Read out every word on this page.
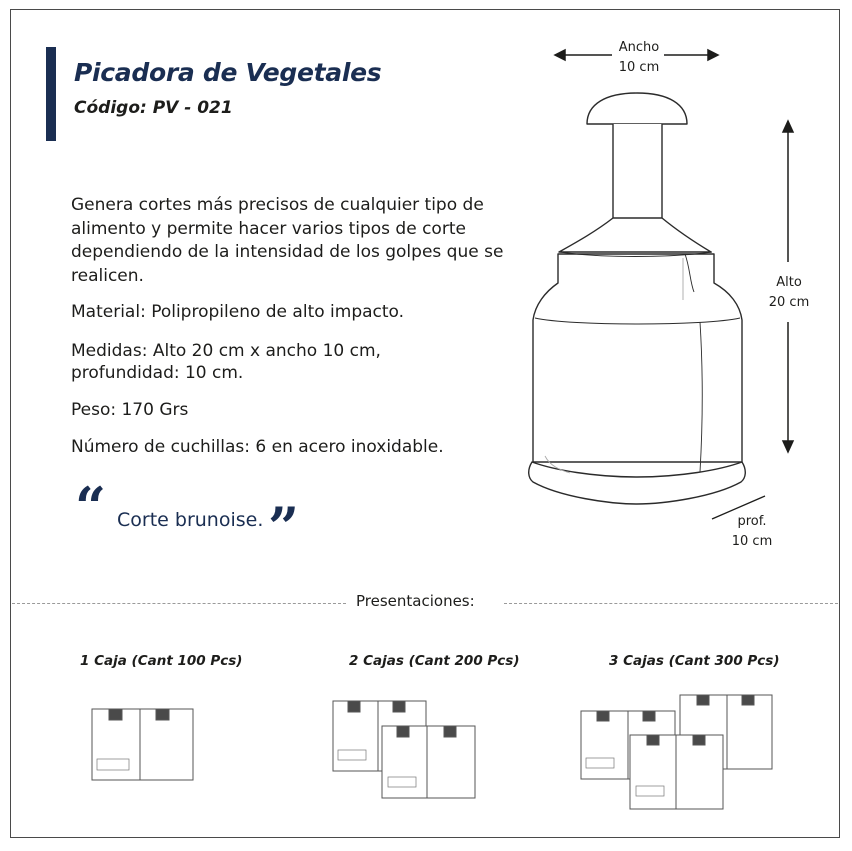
Picadora de Vegetales
Código: PV - 021
Genera cortes más precisos de cualquier tipo de alimento y permite hacer varios tipos de corte dependiendo de la intensidad de los golpes que se realicen.
Material: Polipropileno de alto impacto.
Medidas: Alto 20 cm x ancho 10 cm, profundidad: 10 cm.
Peso: 170 Grs
Número de cuchillas: 6 en acero inoxidable.
“ Corte brunoise. ”
Ancho
10 cm
Alto
20 cm
prof.
10 cm
Presentaciones:
1 Caja (Cant 100 Pcs)	2 Cajas (Cant 200 Pcs)	3 Cajas (Cant 300 Pcs)
